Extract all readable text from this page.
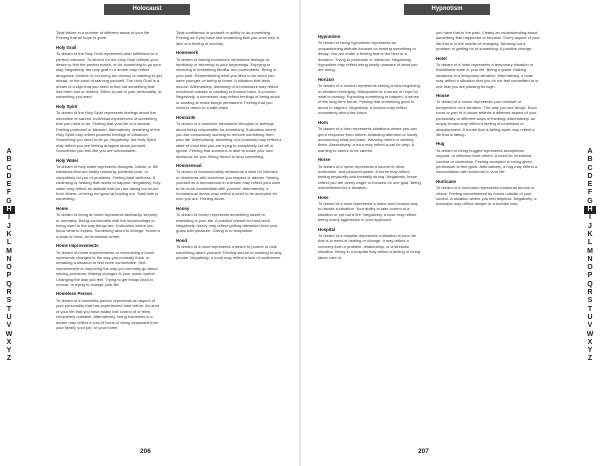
Holocaust

Total failure in a number of different areas of your life. Feeling that all hope is gone.

Holy Grail

To dream of the Holy Grail represents wish fulfillment or a perfect outcome. To search for the Holy Grail reflects your desire to find the perfect match, or for something to go your way. Negatively, the holy grail in a dream may reflect arrogance, believe in not being too choosy or wanting to get ahead, or the point of starving yourself. The Holy Grail is a dream is a sign that you need to find out something that has been lost or missed. Either a part of your personality, or something you want.

Holy Spirit

To dream of the Holy Spirit represents feelings about the incredible or sacred. Individual experiences of something that you need to do. Feeling that your life is a miracle. Feeling protected or blessed. Alternatively, dreaming of the Holy Spirit may reflect powerful feelings of influence. Something you need to let go. Negatively, the Holy Spirit may reflect you are feeling arrogant about yourself. Sometimes you feel like you are untouchable.

Holy Water

To dream of holy water represents thoughts, habits, or life situations that are totally restoring, perfectly pure, or completely rid you of problems. Feeling total wellness. A cleansing or healing that needs to happen. Negatively, holy water may reflect an attitude that you are taking too much from others, or being too good at holding out. Total faith in something.

Home

To dream of being at home represents familiarity, security, or normalcy. Being comfortable with the surroundings or being used to the way things are. A situation where you know what to expect. Something about to change. Home is a state of mind, an emotional center.

Home Improvements

To dream of home improvements or remodeling a home represents changes to the way you normally think, or remaking a situation to feel more comfortable. Self-improvement or improving the way you normally go about solving problems. Making changes to your usual routine. Changing the way you feel. Trying to get things back to normal, or trying to change your life.

Homeless Person

To dream of a homeless person represents an aspect of your personality that has experienced total failure. An area of your life that you have totally lost control of or feels completely unstable. Alternatively, being homeless in a dream may reflect a loss of focus or being separated from your family, your job, or your home.

Total confidence in yourself or ability to do something. Feeling as if you have lost something that you once had. A lack of a feeling of security.

Homework

To dream of having homework represents feelings of familiarity or returning to your beginnings. Enjoying or returning to something familiar and comfortable. Being in your past. Remembering what you liked to do when you were younger, or being at home. A situation that feels secure. Alternatively, dreaming of a homework may reflect emotional unease or needing to bounce back. A concern. Negatively, a homework may reflect feelings of being stuck or wanting to make things permanent. Feeling that you need to return to a safe place.

Homicide

To dream of a homicide represents thoughts or feelings about being responsible for something. A situation where you are consciously working to remove something from your life. Alternatively, dreaming of a homicide may reflect a state of mind that you are trying to completely cut off or ignore. Feeling that someone is able to make your own decisions for you. Being forced to stop something.

Homosexual

To dream of homosexuality represents a wish for intimacy or closeness with someone you respect or admire. Seeing yourself as a homosexual in a dream may reflect your wish to be more comfortable with yourself. Alternatively, a homosexual dream may reflect a need to be accepted for who you are. Feeling alone.

Honey

To dream of honey represents something sweet or rewarding in your life. A positive reward for hard work. Negatively, honey may reflect getting distracted from your goals with pleasure. Giving in to temptation.

Hood

To dream of a hood represents a desire to protect or hide something about yourself. Feeling secure or wanting to stay private. Negatively, a hood may reflect a lack of confidence.

A
B
C
D
E
F
G
H
I
J
K
L
M
N
O
P
Q
R
S
T
U
V
W
X
Y
Z
206
Hypnotism

Hypnotism

To dream of being hypnotized represents an unquestioning attitude focused on making something to decay. You are under a feeling that is the best or a decision. Trying to persuade or influence. Negatively, hypnotism may reflect being totally unaware of what you are doing.

Horizon

To dream of a horizon represents seeing a new beginning or situation emerging. Anticipation or a sense of hope for what is coming. Expecting something to happen. A sense of the long term future. Feeling that something good is about to happen. Negatively, a horizon may reflect uncertainty about the future.

Horn

To dream of a horn represents situations where you can get a response from others. Attracting attention or loudly announcing what you want. Warning others or alerting them. Alternatively, a horn may reflect a call for help. A warning to others to be careful.

Horse

To dream of a horse represents a source of drive, motivation, and personal power. A horse may reflect feeling physically and mentally strong. Negatively, horse reflect you are overly eager or focused on one goal. Being overwhelmed by a situation.

Hose

To dream of a hose represents a direct and focused way to handle a situation. Your ability to take control of a situation or put out a fire. Negatively, a hose may reflect being overly aggressive in your approach.

Hospital

To dream of a hospital represents a situation in your life that is in need of healing or change. It may reflect a recovery from a problem, relationship, or a stressful situation. Being in a hospital may reflect a feeling of being taken care of.

you have that in the past. Clearly an understanding about something that happened or emotion. Every aspect of your life that is in the middle of changing. Working out a problem or getting rid of something. A positive change.

Hotel

To dream of a hotel represents a temporary situation or transitional state in your life. Being a guest. Making decisions in a temporary situation. Alternatively, a hotel may reflect a situation that you do not feel committed to or one that you are passing through.

House

To dream of a house represents your mindset or perspective on a situation. The way you see things. Each room or part of a house reflects a different aspect of your personality or different ways of thinking. Alternatively, an empty house may reflect a feeling of loneliness or abandonment. A house that is falling apart may reflect a life that is failing.

Hug

To dream of being hugged represents acceptance, support, or affection from others. A need for emotional comfort or closeness. Feeling accepted or being given permission to feel good. Alternatively, a hug may reflect a reconciliation with someone in your life.

Hurricane

To dream of a hurricane represents emotional turmoil or chaos. Feeling overwhelmed by forces outside of your control. A situation where you feel helpless. Negatively, a hurricane may reflect danger or a sudden loss.

A
B
C
D
E
F
G
H
I
J
K
L
M
N
O
P
Q
R
S
T
U
V
W
X
Y
Z
207
